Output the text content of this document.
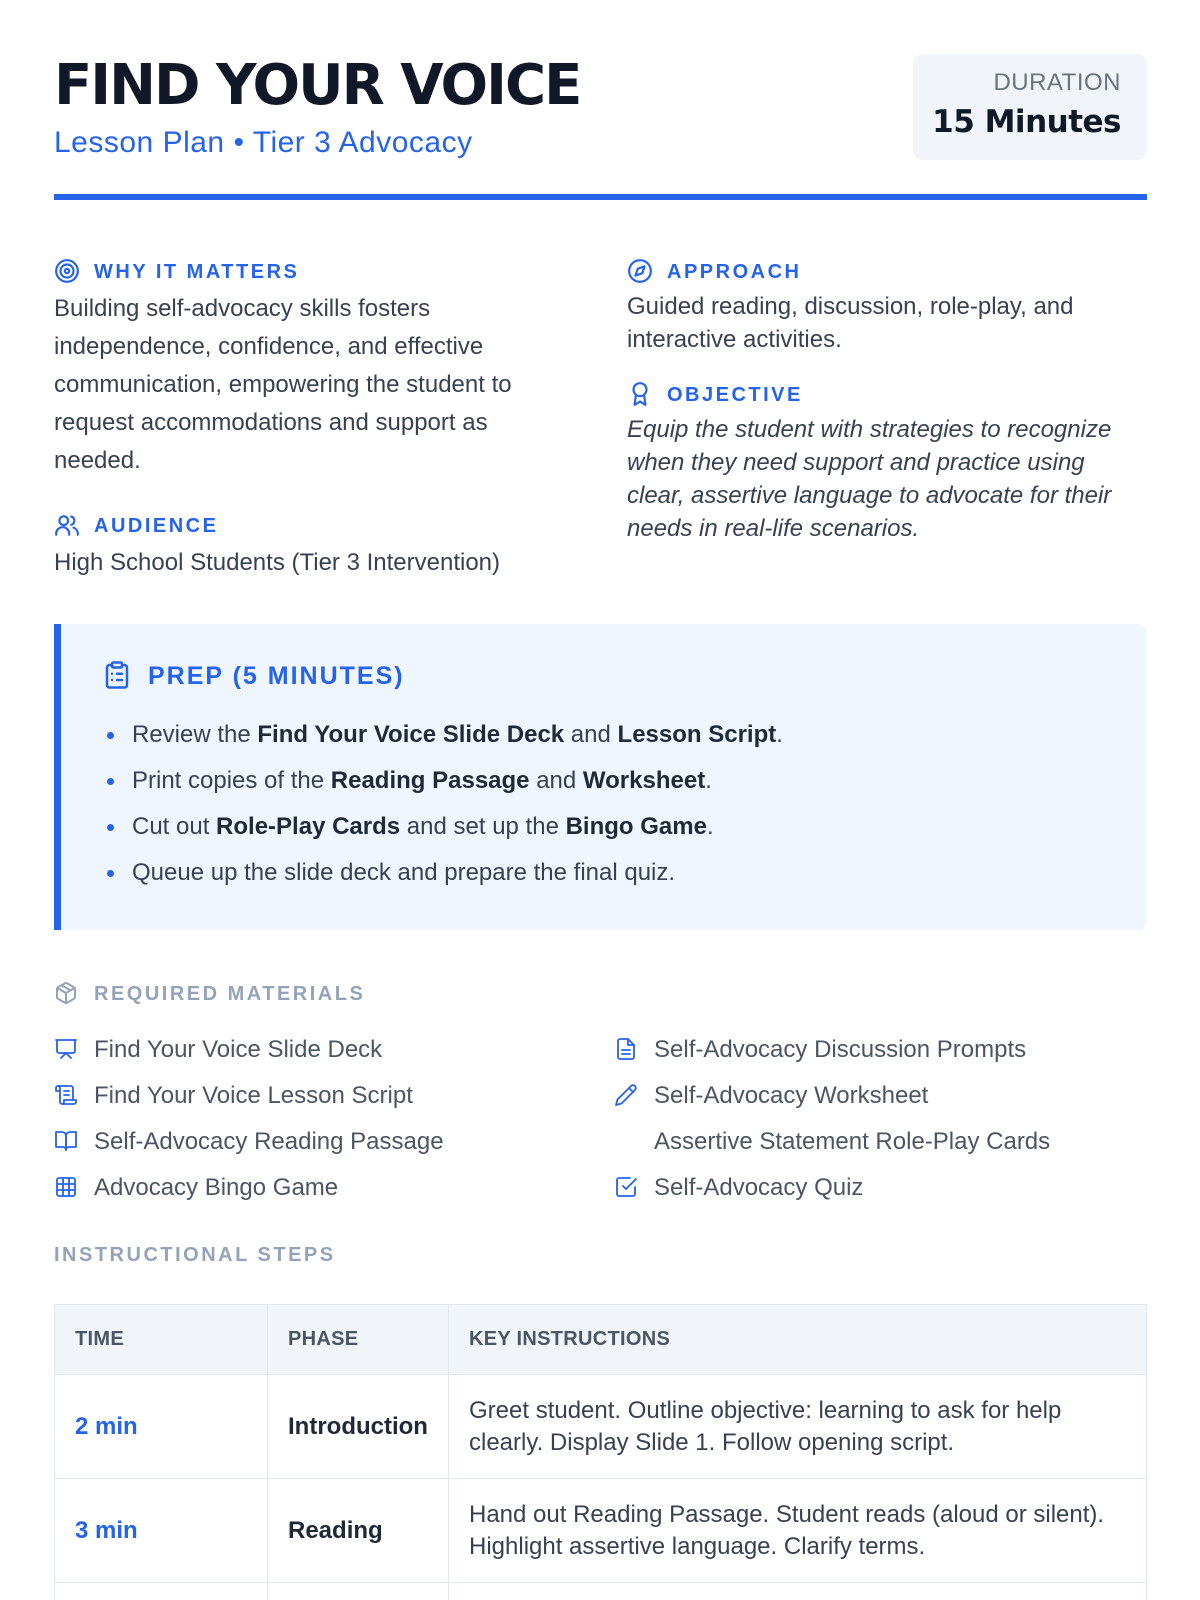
FIND YOUR VOICE
Lesson Plan • Tier 3 Advocacy
DURATION
15 Minutes
WHY IT MATTERS
Building self-advocacy skills fosters
independence, confidence, and effective
communication, empowering the student to
request accommodations and support as
needed.
AUDIENCE
High School Students (Tier 3 Intervention)
APPROACH
Guided reading, discussion, role-play, and
interactive activities.
OBJECTIVE
Equip the student with strategies to recognize
when they need support and practice using
clear, assertive language to advocate for their
needs in real-life scenarios.
PREP (5 MINUTES)
Review the Find Your Voice Slide Deck and Lesson Script.
Print copies of the Reading Passage and Worksheet.
Cut out Role-Play Cards and set up the Bingo Game.
Queue up the slide deck and prepare the final quiz.
REQUIRED MATERIALS
Find Your Voice Slide Deck
Find Your Voice Lesson Script
Self-Advocacy Reading Passage
Advocacy Bingo Game
Self-Advocacy Discussion Prompts
Self-Advocacy Worksheet
Assertive Statement Role-Play Cards
Self-Advocacy Quiz
INSTRUCTIONAL STEPS
TIME	PHASE	KEY INSTRUCTIONS
2 min	Introduction	Greet student. Outline objective: learning to ask for help clearly. Display Slide 1. Follow opening script.
3 min	Reading	Hand out Reading Passage. Student reads (aloud or silent). Highlight assertive language. Clarify terms.
